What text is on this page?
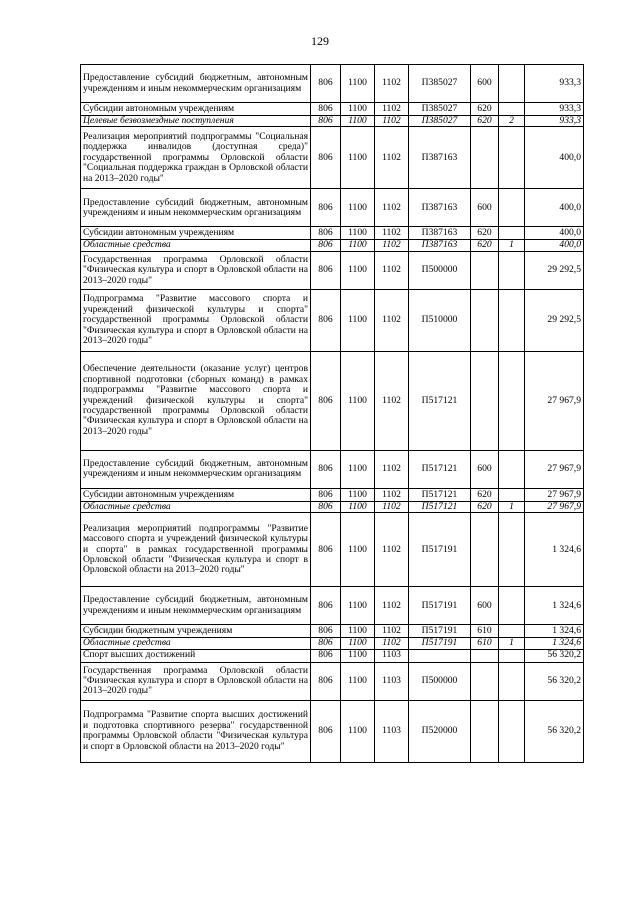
129
Предоставление субсидий бюджетным, автономным учреждениям и иным некоммерческим организациям	806	1100	1102	П385027	600		933,3
Субсидии автономным учреждениям	806	1100	1102	П385027	620		933,3
Целевые безвозмездные поступления	806	1100	1102	П385027	620	2	933,3
Реализация мероприятий подпрограммы "Социальная поддержка инвалидов (доступная среда)" государственной программы Орловской области "Социальная поддержка граждан в Орловской области на 2013–2020 годы"	806	1100	1102	П387163			400,0
Предоставление субсидий бюджетным, автономным учреждениям и иным некоммерческим организациям	806	1100	1102	П387163	600		400,0
Субсидии автономным учреждениям	806	1100	1102	П387163	620		400,0
Областные средства	806	1100	1102	П387163	620	1	400,0
Государственная программа Орловской области "Физическая культура и спорт в Орловской области на 2013–2020 годы"	806	1100	1102	П500000			29 292,5
Подпрограмма "Развитие массового спорта и учреждений физической культуры и спорта" государственной программы Орловской области "Физическая культура и спорт в Орловской области на 2013–2020 годы"	806	1100	1102	П510000			29 292,5
Обеспечение деятельности (оказание услуг) центров спортивной подготовки (сборных команд) в рамках подпрограммы "Развитие массового спорта и учреждений физической культуры и спорта" государственной программы Орловской области "Физическая культура и спорт в Орловской области на 2013–2020 годы"	806	1100	1102	П517121			27 967,9
Предоставление субсидий бюджетным, автономным учреждениям и иным некоммерческим организациям	806	1100	1102	П517121	600		27 967,9
Субсидии автономным учреждениям	806	1100	1102	П517121	620		27 967,9
Областные средства	806	1100	1102	П517121	620	1	27 967,9
Реализация мероприятий подпрограммы "Развитие массового спорта и учреждений физической культуры и спорта" в рамках государственной программы Орловской области "Физическая культура и спорт в Орловской области на 2013–2020 годы"	806	1100	1102	П517191			1 324,6
Предоставление субсидий бюджетным, автономным учреждениям и иным некоммерческим организациям	806	1100	1102	П517191	600		1 324,6
Субсидии бюджетным учреждениям	806	1100	1102	П517191	610		1 324,6
Областные средства	806	1100	1102	П517191	610	1	1 324,6
Спорт высших достижений	806	1100	1103				56 320,2
Государственная программа Орловской области "Физическая культура и спорт в Орловской области на 2013–2020 годы"	806	1100	1103	П500000			56 320,2
Подпрограмма "Развитие спорта высших достижений и подготовка спортивного резерва" государственной программы Орловской области "Физическая культура и спорт в Орловской области на 2013–2020 годы"	806	1100	1103	П520000			56 320,2
